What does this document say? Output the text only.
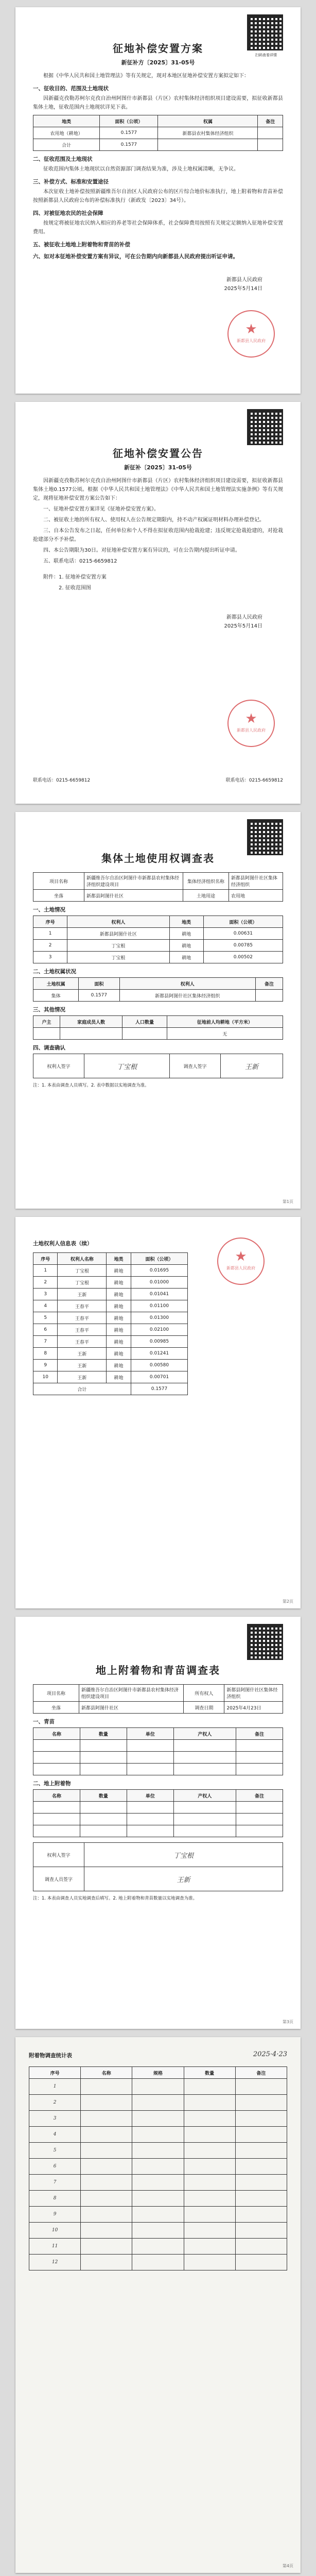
扫码查看详情
征地补偿安置方案
新征补方〔2025〕31-05号

根据《中华人民共和国土地管理法》等有关规定，现对本地区征地补偿安置方案拟定如下：

一、征收目的、范围及土地现状

因新疆克孜勒苏柯尔克孜自治州阿图什市新都县（片区）农村集体经济组织项目建设需要，拟征收新都县集体土地，征收范围内土地现状详见下表。

地类	面积（公顷）	权属	备注
农用地（耕地）	0.1577	新都县农村集体经济组织	
合计	0.1577		
二、征收范围及土地现状

征收范围内集体土地现状以自然资源部门调查结果为准，涉及土地权属清晰，无争议。

三、补偿方式、标准和安置途径

本次征收土地补偿按照新疆维吾尔自治区人民政府公布的区片综合地价标准执行，地上附着物和青苗补偿按照新都县人民政府公布的补偿标准执行（新政发〔2023〕34号）。

四、对被征地农民的社会保障

按规定将被征地农民纳入相应的养老等社会保障体系，社会保障费用按照有关规定足额纳入征地补偿安置费用。

五、被征收土地地上附着物和青苗的补偿
六、如对本征地补偿安置方案有异议，可在公告期内向新都县人民政府提出听证申请。
新都县人民政府
2025年5月14日
★
新都县人民政府
征地补偿安置公告
新征补〔2025〕31-05号

因新疆克孜勒苏柯尔克孜自治州阿图什市新都县（片区）农村集体经济组织项目建设需要，拟征收新都县集体土地0.1577公顷。根据《中华人民共和国土地管理法》《中华人民共和国土地管理法实施条例》等有关规定，现将征地补偿安置方案公告如下：

一、征地补偿安置方案详见《征地补偿安置方案》。

二、被征收土地的所有权人、使用权人在公告规定期限内，持不动产权属证明材料办理补偿登记。

三、自本公告发布之日起，任何单位和个人不得在拟征收范围内抢栽抢建；违反规定抢栽抢建的，对抢栽抢建部分不予补偿。

四、本公告期限为30日。对征地补偿安置方案有异议的，可在公告期内提出听证申请。

五、联系电话：0215-6659812

附件：1. 征地补偿安置方案

2. 征收范围图

新都县人民政府
2025年5月14日
联系电话：0215-6659812	联系电话：0215-6659812
★
新都县人民政府
集体土地使用权调查表
项目名称	新疆维吾尔自治区阿图什市新都县农村集体经济组织建设项目	集体经济组织名称	新都县阿图什社区集体经济组织
坐落	新都县阿图什社区	土地用途	农用地
一、土地情况
序号	权利人	地类	面积（公顷）
1	新都县阿图什社区	耕地	0.00631
2	丁宝根	耕地	0.00785
3	丁宝根	耕地	0.00502
二、土地权属状况
土地权属	面积	权利人	备注
集体	0.1577	新都县阿图什社区集体经济组织	
三、其他情况
户主	家庭成员人数	人口数量	征地前人均耕地（平方米）
			无
四、调查确认
权利人签字	丁宝根	调查人签字	王新
注：1. 本表由调查人员填写。2. 表中数据以实地调查为准。
第1页
土地权利人信息表（续）
序号	权利人名称	地类	面积（公顷）
1	丁宝根	耕地	0.01695
2	丁宝根	耕地	0.01000
3	王新	耕地	0.01041
4	王春平	耕地	0.01100
5	王春平	耕地	0.01300
6	王春平	耕地	0.02100
7	王春平	耕地	0.00985
8	王新	耕地	0.01241
9	王新	耕地	0.00580
10	王新	耕地	0.00701
合计			0.1577
★
新都县人民政府
第2页
地上附着物和青苗调查表
项目名称	新疆维吾尔自治区阿图什市新都县农村集体经济组织建设项目	所有权人	新都县阿图什社区集体经济组织
坐落	新都县阿图什社区	调查日期	2025年4月23日
一、青苗
名称	数量	单位	产权人	备注

二、地上附着物
名称	数量	单位	产权人	备注

权利人签字	丁宝根
调查人员签字	王新
注：1. 本表由调查人员实地调查后填写。2. 地上附着物和青苗数量以实地调查为准。
第3页
附着物调查统计表	2025·4·23
序号	名称	规格	数量	备注
1				
2				
3				
4				
5				
6				
7				
8				
9				
10				
11				
12				
第4页
